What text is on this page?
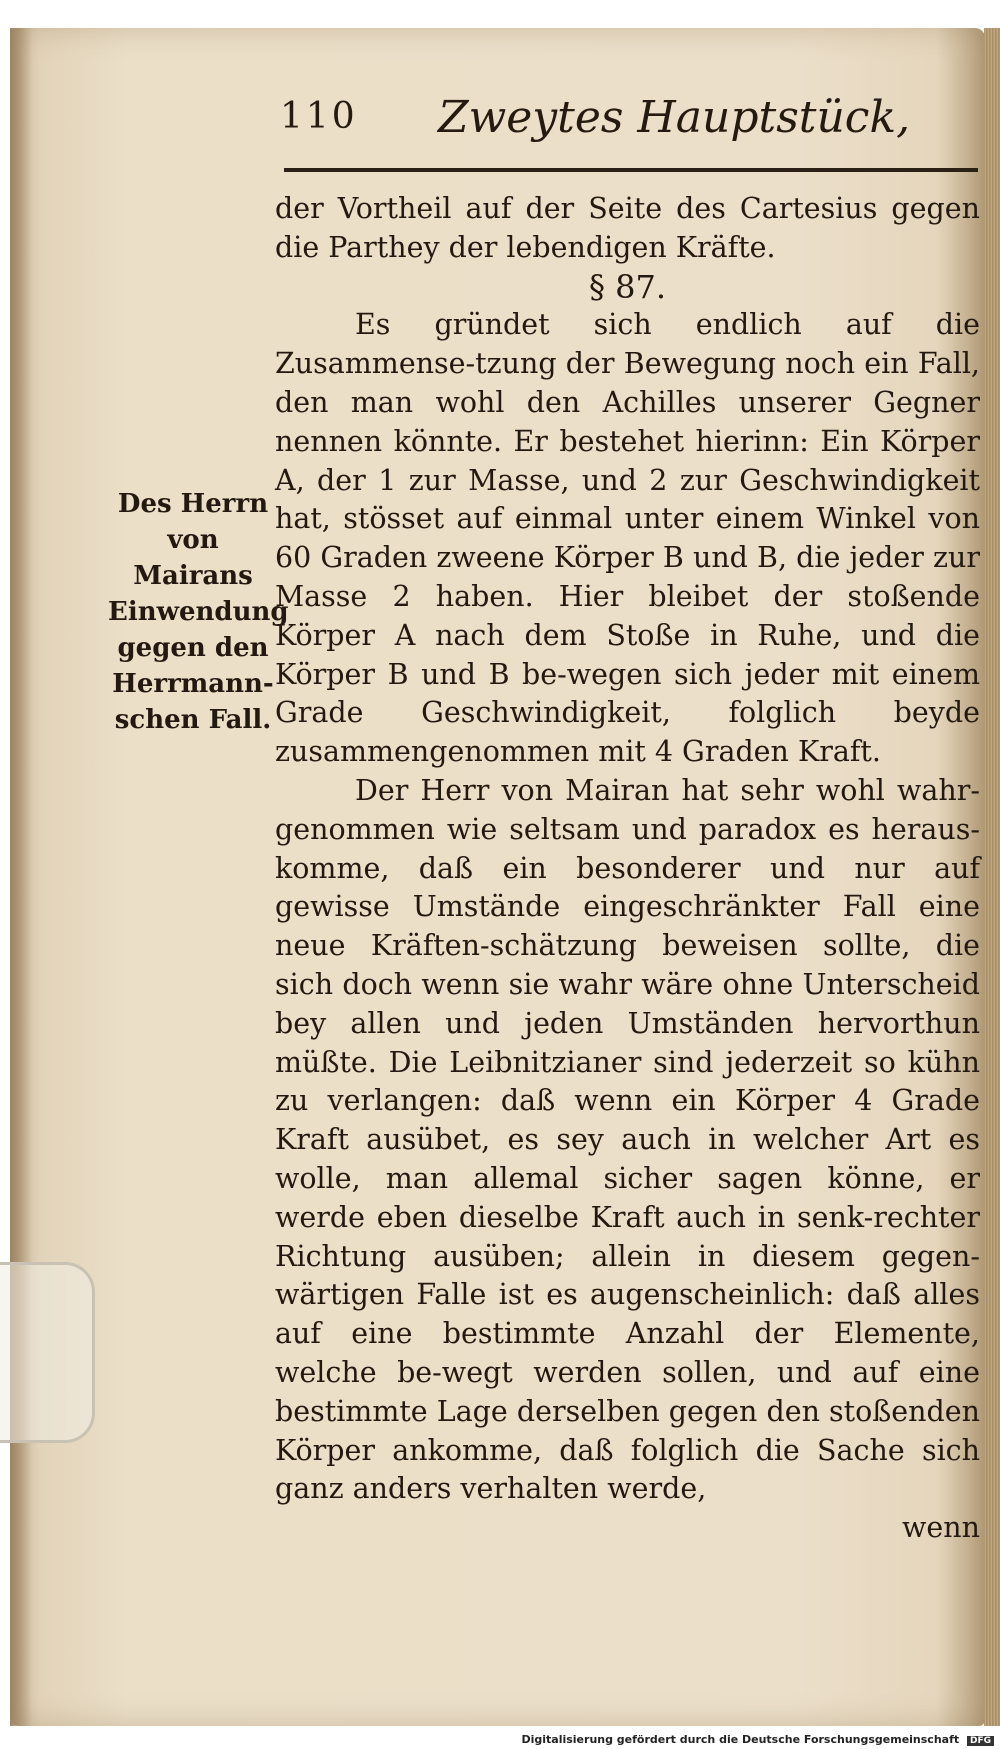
110 Zweytes Hauptstück,
Des Herrn von Mairans Einwendung gegen den Herrmann-schen Fall.

der Vortheil auf der Seite des Cartesius gegen die Parthey der lebendigen Kräfte.

§ 87.

Es gründet sich endlich auf die Zusammense-tzung der Bewegung noch ein Fall, den man wohl den Achilles unserer Gegner nennen könnte. Er bestehet hierinn: Ein Körper A, der 1 zur Masse, und 2 zur Geschwindigkeit hat, stösset auf einmal unter einem Winkel von 60 Graden zweene Körper B und B, die jeder zur Masse 2 haben. Hier bleibet der stoßende Körper A nach dem Stoße in Ruhe, und die Körper B und B be-wegen sich jeder mit einem Grade Geschwindigkeit, folglich beyde zusammengenommen mit 4 Graden Kraft.

Der Herr von Mairan hat sehr wohl wahr-genommen wie seltsam und paradox es heraus-komme, daß ein besonderer und nur auf gewisse Umstände eingeschränkter Fall eine neue Kräften-schätzung beweisen sollte, die sich doch wenn sie wahr wäre ohne Unterscheid bey allen und jeden Umständen hervorthun müßte. Die Leibnitzianer sind jederzeit so kühn zu verlangen: daß wenn ein Körper 4 Grade Kraft ausübet, es sey auch in welcher Art es wolle, man allemal sicher sagen könne, er werde eben dieselbe Kraft auch in senk-rechter Richtung ausüben; allein in diesem gegen-wärtigen Falle ist es augenscheinlich: daß alles auf eine bestimmte Anzahl der Elemente, welche be-wegt werden sollen, und auf eine bestimmte Lage derselben gegen den stoßenden Körper ankomme, daß folglich die Sache sich ganz anders verhalten werde,

wenn

Digitalisierung gefördert durch die Deutsche Forschungsgemeinschaft DFG
